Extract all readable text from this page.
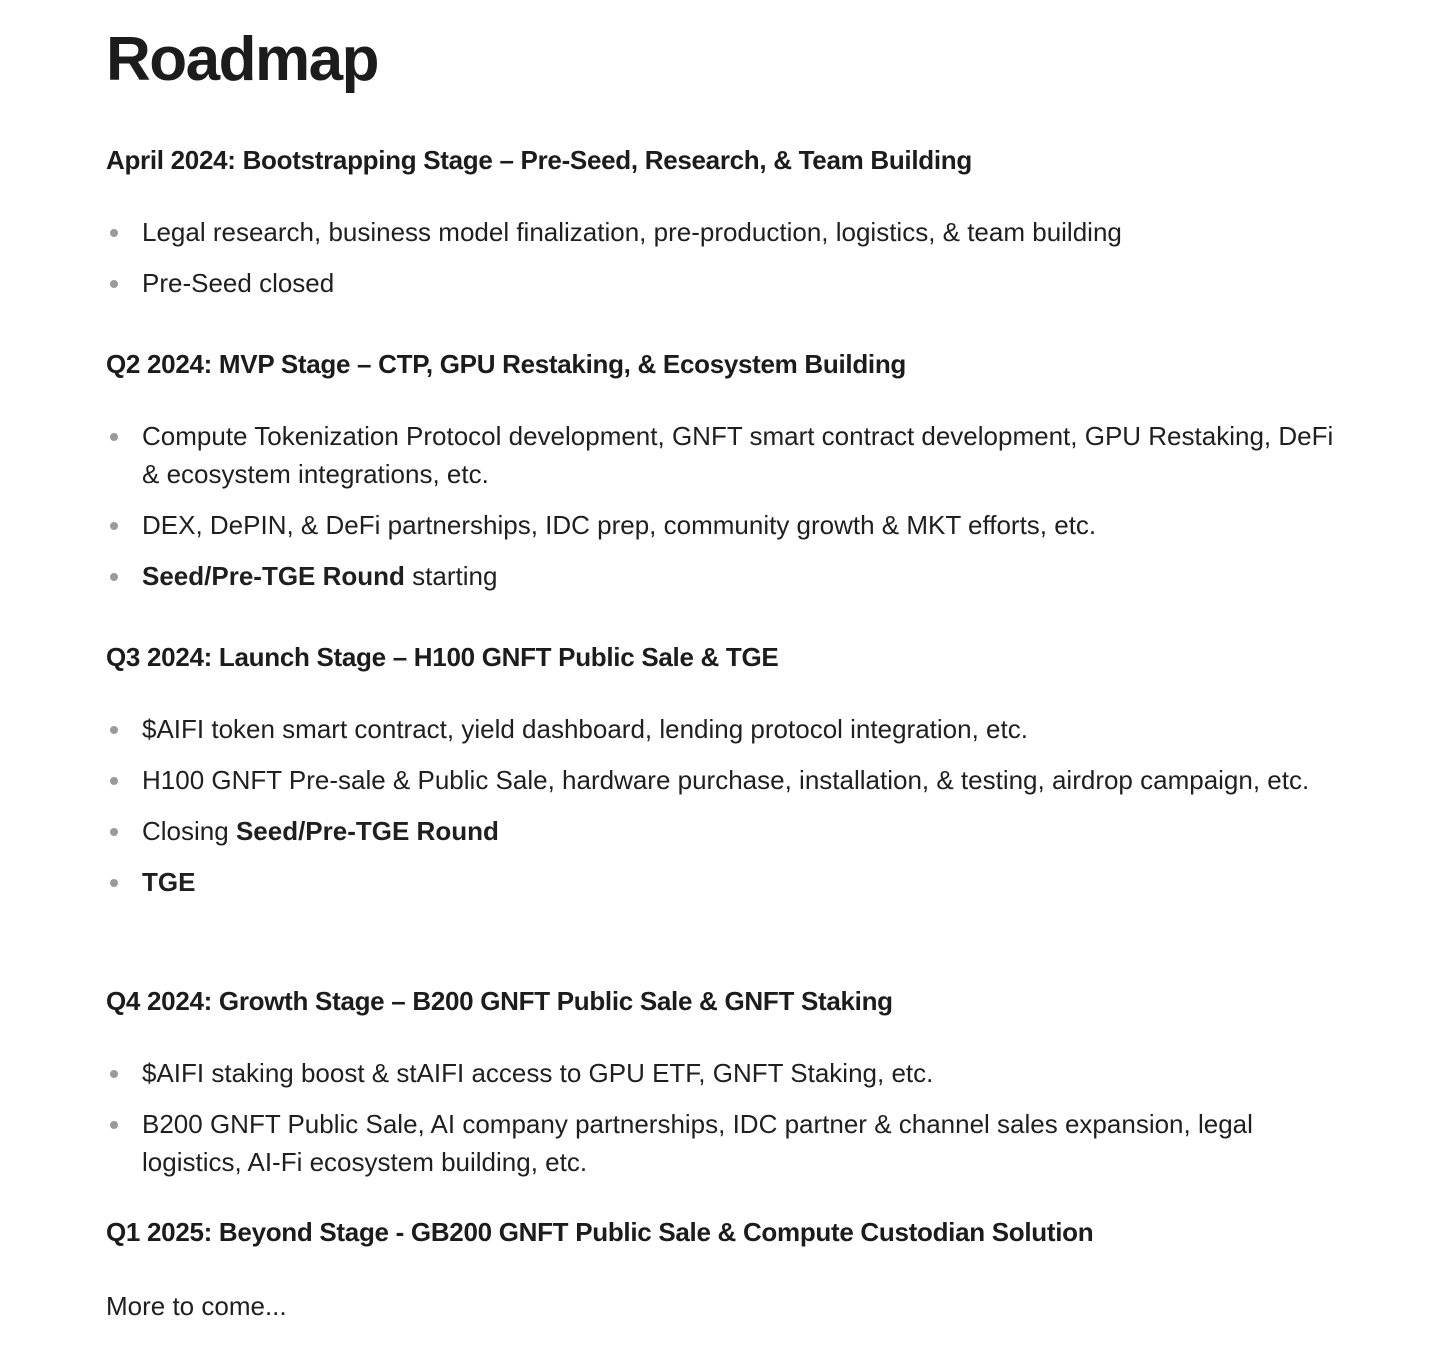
Roadmap
April 2024: Bootstrapping Stage – Pre-Seed, Research, & Team Building
Legal research, business model finalization, pre-production, logistics, & team building
Pre-Seed closed
Q2 2024: MVP Stage – CTP, GPU Restaking, & Ecosystem Building
Compute Tokenization Protocol development, GNFT smart contract development, GPU Restaking, DeFi & ecosystem integrations, etc.
DEX, DePIN, & DeFi partnerships, IDC prep, community growth & MKT efforts, etc.
Seed/Pre-TGE Round starting
Q3 2024: Launch Stage – H100 GNFT Public Sale & TGE
$AIFI token smart contract, yield dashboard, lending protocol integration, etc.
H100 GNFT Pre-sale & Public Sale, hardware purchase, installation, & testing, airdrop campaign, etc.
Closing Seed/Pre-TGE Round
TGE
Q4 2024: Growth Stage – B200 GNFT Public Sale & GNFT Staking
$AIFI staking boost & stAIFI access to GPU ETF, GNFT Staking, etc.
B200 GNFT Public Sale, AI company partnerships, IDC partner & channel sales expansion, legal logistics, AI-Fi ecosystem building, etc.
Q1 2025: Beyond Stage - GB200 GNFT Public Sale & Compute Custodian Solution

More to come...
